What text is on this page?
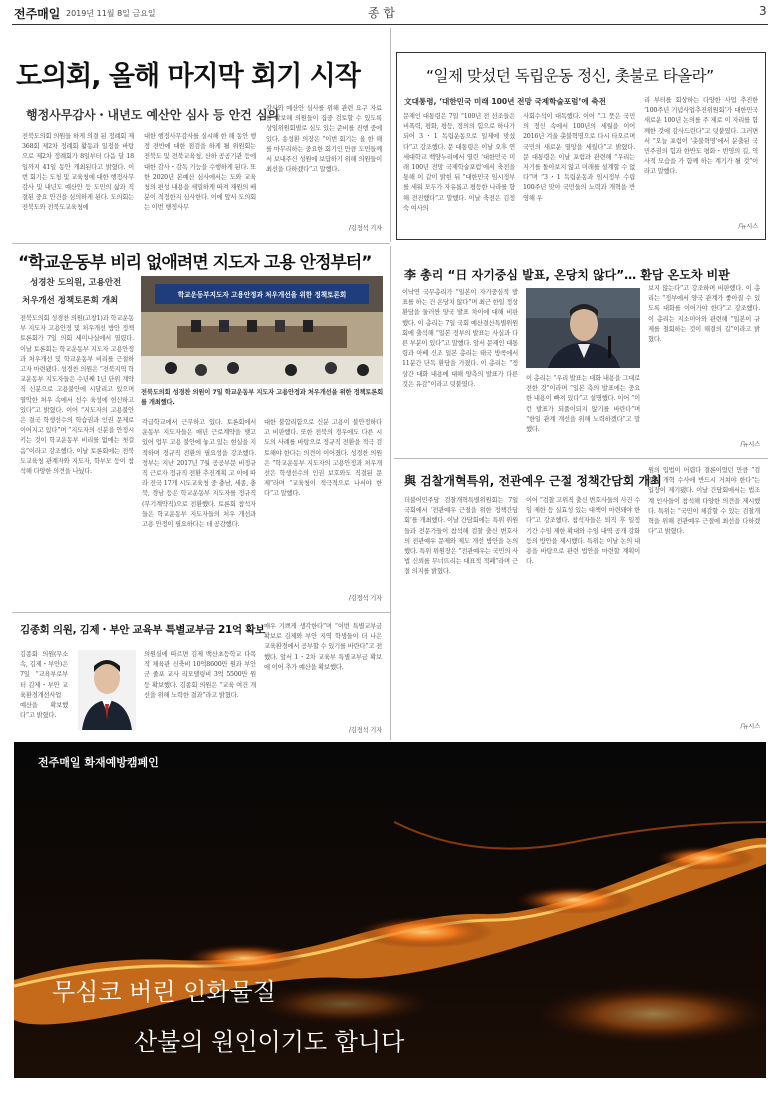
전주매일 2019년 11월 8일 금요일	종 합	3
도의회, 올해 마지막 회기 시작
행정사무감사・내년도 예산안 심사 등 안건 심의
전북도의회 의원들 하게 의결 된 정례회 제368회 제2차 정례회 활동과 일정을 바탕으로 제2차 정례회가 8일부터 다음 달 18일까지 41일 동안 개최된다고 밝혔다. 이번 회기는 도청 및 교육청에 대한 행정사무감사 및 내년도 예산안 등 도민의 삶과 직결된 중요 안건을 심의하게 된다. 도의회는 전북도와 전북도교육청에
대한 행정사무감사를 실시해 한 해 동안 행정 전반에 대한 점검을 하게 될 위원회는 전북도 및 전북교육청, 산하 공공기관 등에 대한 감사・감독 기능을 수행하게 된다. 또한 2020년 본예산 심사에서는 도와 교육청의 편성 내용을 세밀하게 따져 재원의 배분이 적정한지 심사한다. 이에 앞서 도의회는 이번 행정사무
감사와 예산안 심사를 위해 관련 요구 자료를 확보해 의원들이 집중 검토할 수 있도록 상임위원회별로 심도 있는 준비를 진행 중에 있다. 송성환 의장은 “이번 회기는 올 한 해를 마무리하는 중요한 회기인 만큼 도민들께서 보내주신 성원에 보답하기 위해 의원들이 최선을 다하겠다”고 말했다.
/김정석 기자
“일제 맞섰던 독립운동 정신, 촛불로 타올라”
文대통령, ‘대한민국 미래 100년 전망 국제학술포럼’에 축전
문재인 대통령은 7일 “100년 전 선조들은 비폭력, 평화, 평등, 정의의 힘으로 하나가 되어 3・1 독립운동으로 일제에 맞섰다”고 강조했다. 문 대통령은 이날 오후 연세대학교 백양누리에서 열린 ‘대한민국 미래 100년 전망 국제학술포럼’에서 축전을 통해 이 같이 밝힌 뒤 “대한민국 임시정부를 세워 모두가 자유롭고 평등한 나라를 향해 전진했다”고 말했다. 이날 축전은 김정숙 여사의
사회수석이 대독했다. 이어 “그 뜻은 국민의 정신 속에서 100년의 세월을 이어 2016년 겨울 촛불혁명으로 다시 타오르며 국민의 새로운 열망을 세웠다”고 밝혔다. 문 대통령은 이날 포럼과 관련해 “우리는 자기를 돌아보지 않고 미래를 설계할 수 없다”며 “3・1 독립운동과 임시정부 수립 100주년 맞아 국민들의 노력과 개혁을 반영해 우
리 부터를 회상하는 다양한 사업 추진한 ‘100주년 기념사업추진위원회’가 대한민국 새로운 100년 논의를 주 제로 이 자리를 함께한 것에 감사드린다”고 덧붙였다. 그러면서 “오늘 포럼이 ‘촛불혁명’에서 분출된 국민주권의 힘과 한반도 평화・번영의 길, 역사적 모습을 가 함께 하는 계기가 될 것”이라고 말했다.
/뉴시스
“학교운동부 비리 없애려면 지도자 고용 안정부터”
성경찬 도의원, 고용안전
처우개선 정책토론회 개최
전북도의회 성경찬 의원(고창1)과 학교운동부 지도자 고용안정 및 처우개선 방안 정책토론회가 7일 의회 세미나실에서 열렸다. 이날 토론회는 학교운동부 지도자 고용안정과 처우개선 및 학교운동부 비리를 근절하고자 마련됐다. 성경찬 의원은 “전북지역 학교운동부 지도자들은 수년째 1년 단위 계약직 신분으로 고용불안에 시달리고 있으며 열악한 처우 속에서 선수 육성에 헌신하고 있다”고 밝혔다. 이어 “지도자의 고용불안은 결국 학생선수의 학습권과 인권 문제로 이어지고 있다”며 “지도자의 신분을 안정시키는 것이 학교운동부 비리를 없애는 첫걸음”이라고 강조했다. 이날 토론회에는 전북도교육청 관계자와 지도자, 학부모 등이 참석해 다양한 의견을 나눴다.
학교운동부지도자 고용안정과 처우개선을 위한 정책토론회
전북도의회 성경찬 의원이 7일 학교운동부 지도자 고용안정과 처우개선을 위한 정책토론회를 개최했다.
각급학교에서 근무하고 있다. 토론회에서 운동부 지도자들은 매년 근로계약을 맺고 있어 업무 고용 불안에 놓고 있는 현실을 지적하며 정규직 전환의 필요성을 강조했다. 정부는 지난 2017년 7월 공공부문 비정규직 근로자 정규직 전환 추진계획 고 이에 따라 전국 17개 시도교육청 중 충남, 세종, 충북, 경남 등은 학교운동부 지도자를 정규직(무기계약직)으로 전환했다. 토론회 참석자들은 학교운동부 지도자들의 처우 개선과 고용 안정이 필요하다는 데 공감했다.
대한 불합리함으로 신분 고용이 불안정하다고 비판했다. 또한 전북의 경우에도 다른 시도의 사례를 바탕으로 정규직 전환을 적극 검토해야 한다는 의견이 이어졌다. 성경찬 의원은 “학교운동부 지도자의 고용안정과 처우개선은 학생선수의 인권 보호와도 직결된 문제”라며 “교육청이 적극적으로 나서야 한다”고 말했다.
/김정석 기자
李 총리 “日 자기중심 발표, 온당치 않다”… 환담 온도차 비판
이낙연 국무총리가 “일본이 자기중심적 발표를 하는 건 온당치 않다”며 최근 한일 정상 환담을 둘러싼 양국 발표 차이에 대해 비판했다. 이 총리는 7일 국회 예산결산특별위원회에 출석해 “일본 정부의 발표는 사실과 다른 부분이 있다”고 말했다. 앞서 문재인 대통령과 아베 신조 일본 총리는 태국 방콕에서 11분간 단독 환담을 가졌다. 이 총리는 “정상간 대화 내용에 대해 양측의 발표가 다른 것은 유감”이라고 덧붙였다.
이 총리는 “우리 발표는 대화 내용을 그대로 전한 것”이라며 “일본 측의 발표에는 중요한 내용이 빠져 있다”고 설명했다. 이어 “이런 발표가 되풀이되지 않기를 바란다”며 “한일 관계 개선을 위해 노력하겠다”고 말했다.
보지 않는다”고 강조하며 비판했다. 이 총리는 “정부에서 양국 관계가 좋아질 수 있도록 대화를 이어가야 한다”고 강조했다. 이 총리는 지소미아와 관련해 “일본이 규제를 철회하는 것이 해결의 길”이라고 밝혔다.
/뉴시스
與 검찰개혁특위, 전관예우 근절 정책간담회 개최
더불어민주당 검찰개혁특별위원회는 7일 국회에서 ‘전관예우 근절을 위한 정책간담회’를 개최했다. 이날 간담회에는 특위 위원들과 전문가들이 참석해 검찰 출신 변호사의 전관예우 문제와 제도 개선 방안을 논의했다. 특위 위원장은 “전관예우는 국민의 사법 신뢰를 무너뜨리는 대표적 적폐”라며 근절 의지를 밝혔다.
이어 “검찰 고위직 출신 변호사들의 사건 수임 제한 등 실효성 있는 대책이 마련돼야 한다”고 강조했다. 참석자들은 퇴직 후 일정 기간 수임 제한 확대와 수임 내역 공개 강화 등의 방안을 제시했다. 특위는 이날 논의 내용을 바탕으로 관련 법안을 마련할 계획이다.
원의 입법이 어렵다 결론이었던 만큼 “검찰이 개혁 수사에 반드시 거쳐야 한다”는 입장이 제기됐다. 이날 간담회에서는 법조계 인사들이 참석해 다양한 의견을 제시했다. 특위는 “국민이 체감할 수 있는 검찰개혁을 위해 전관예우 근절에 최선을 다하겠다”고 밝혔다.
/뉴시스
김종회 의원, 김제・부안 교육부 특별교부금 21억 확보
김종회 의원(무소속, 김제・부안)은 7일 “교육부로부터 김제・부안 교육환경개선사업 예산을 확보했다”고 밝혔다.
의원실에 따르면 김제 백산초등학교 다목적 체육관 신축비 10억8600만 원과 부안군 줄포 교사 리모델링비 3억 5500만 원 등 확보했다. 김종회 의원은 “교육 여건 개선을 위해 노력한 결과”라고 밝혔다.
매우 기쁘게 생각한다”며 “이번 특별교부금 확보로 김제와 부안 지역 학생들이 더 나은 교육환경에서 공부할 수 있기를 바란다”고 전했다. 앞서 1・2차 교육부 특별교부금 확보에 이어 추가 예산을 확보했다.
/김정석 기자
전주매일 화재예방캠페인
무심코 버린 인화물질
산불의 원인이기도 합니다
